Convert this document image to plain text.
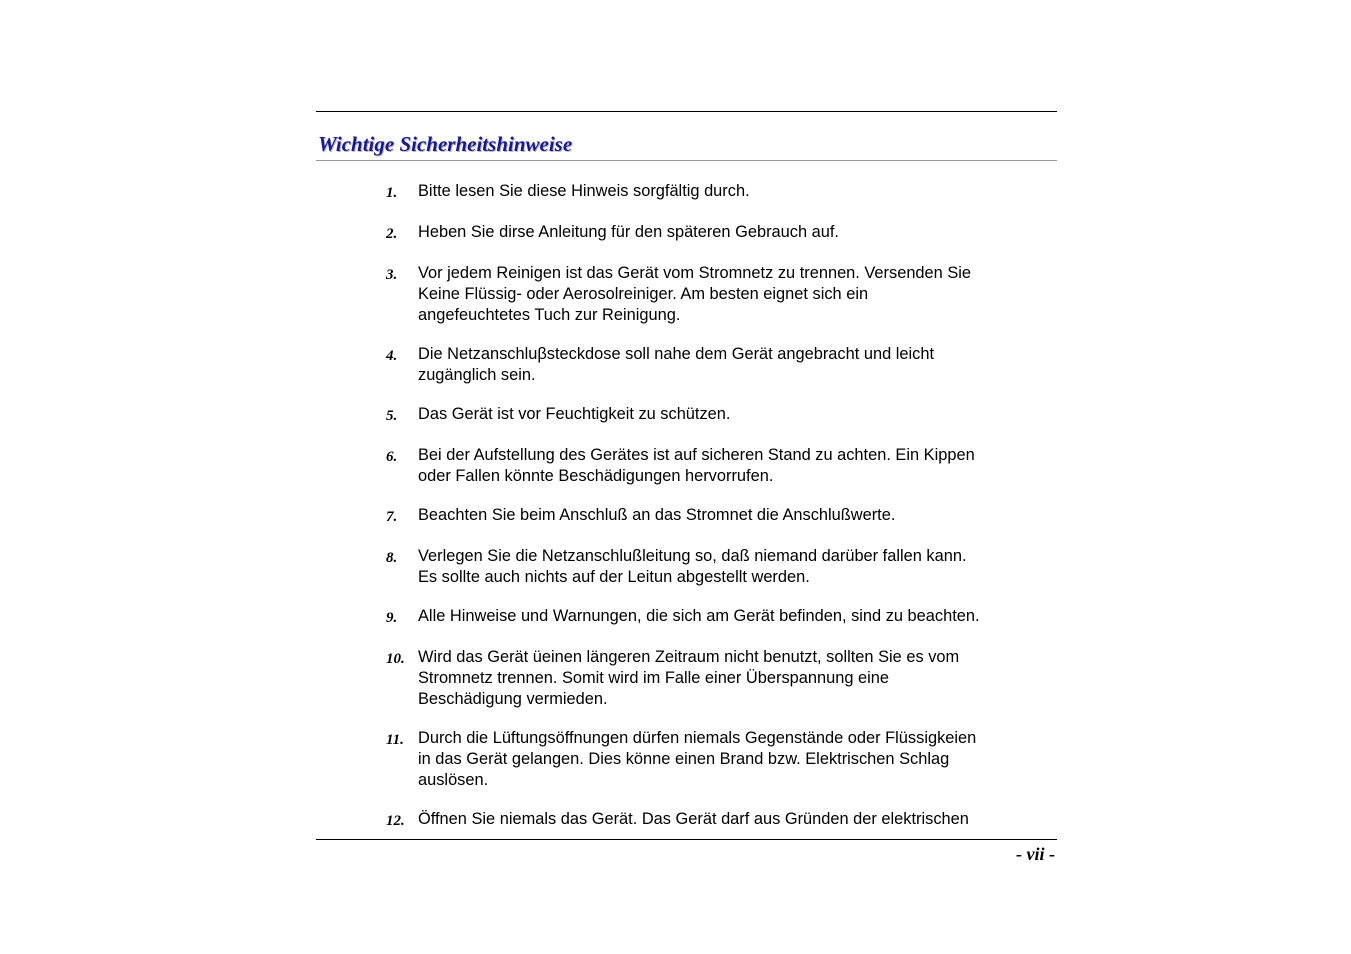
Wichtige Sicherheitshinweise
1.	Bitte lesen Sie diese Hinweis sorgfältig durch.
2.	Heben Sie dirse Anleitung für den späteren Gebrauch auf.
3.	Vor jedem Reinigen ist das Gerät vom Stromnetz zu trennen. Versenden Sie
Keine Flüssig- oder Aerosolreiniger. Am besten eignet sich ein
angefeuchtetes Tuch zur Reinigung.
4.	Die Netzanschluβsteckdose soll nahe dem Gerät angebracht und leicht
zugänglich sein.
5.	Das Gerät ist vor Feuchtigkeit zu schützen.
6.	Bei der Aufstellung des Gerätes ist auf sicheren Stand zu achten. Ein Kippen
oder Fallen könnte Beschädigungen hervorrufen.
7.	Beachten Sie beim Anschluß an das Stromnet die Anschlußwerte.
8.	Verlegen Sie die Netzanschlußleitung so, daß niemand darüber fallen kann.
Es sollte auch nichts auf der Leitun abgestellt werden.
9.	Alle Hinweise und Warnungen, die sich am Gerät befinden, sind zu beachten.
10. Wird das Gerät üeinen längeren Zeitraum nicht benutzt, sollten Sie es vom
Stromnetz trennen. Somit wird im Falle einer Überspannung eine
Beschädigung vermieden.
11. Durch die Lüftungsöffnungen dürfen niemals Gegenstände oder Flüssigkeien
in das Gerät gelangen. Dies könne einen Brand bzw. Elektrischen Schlag
auslösen.
12. Öffnen Sie niemals das Gerät. Das Gerät darf aus Gründen der elektrischen
- vii -
